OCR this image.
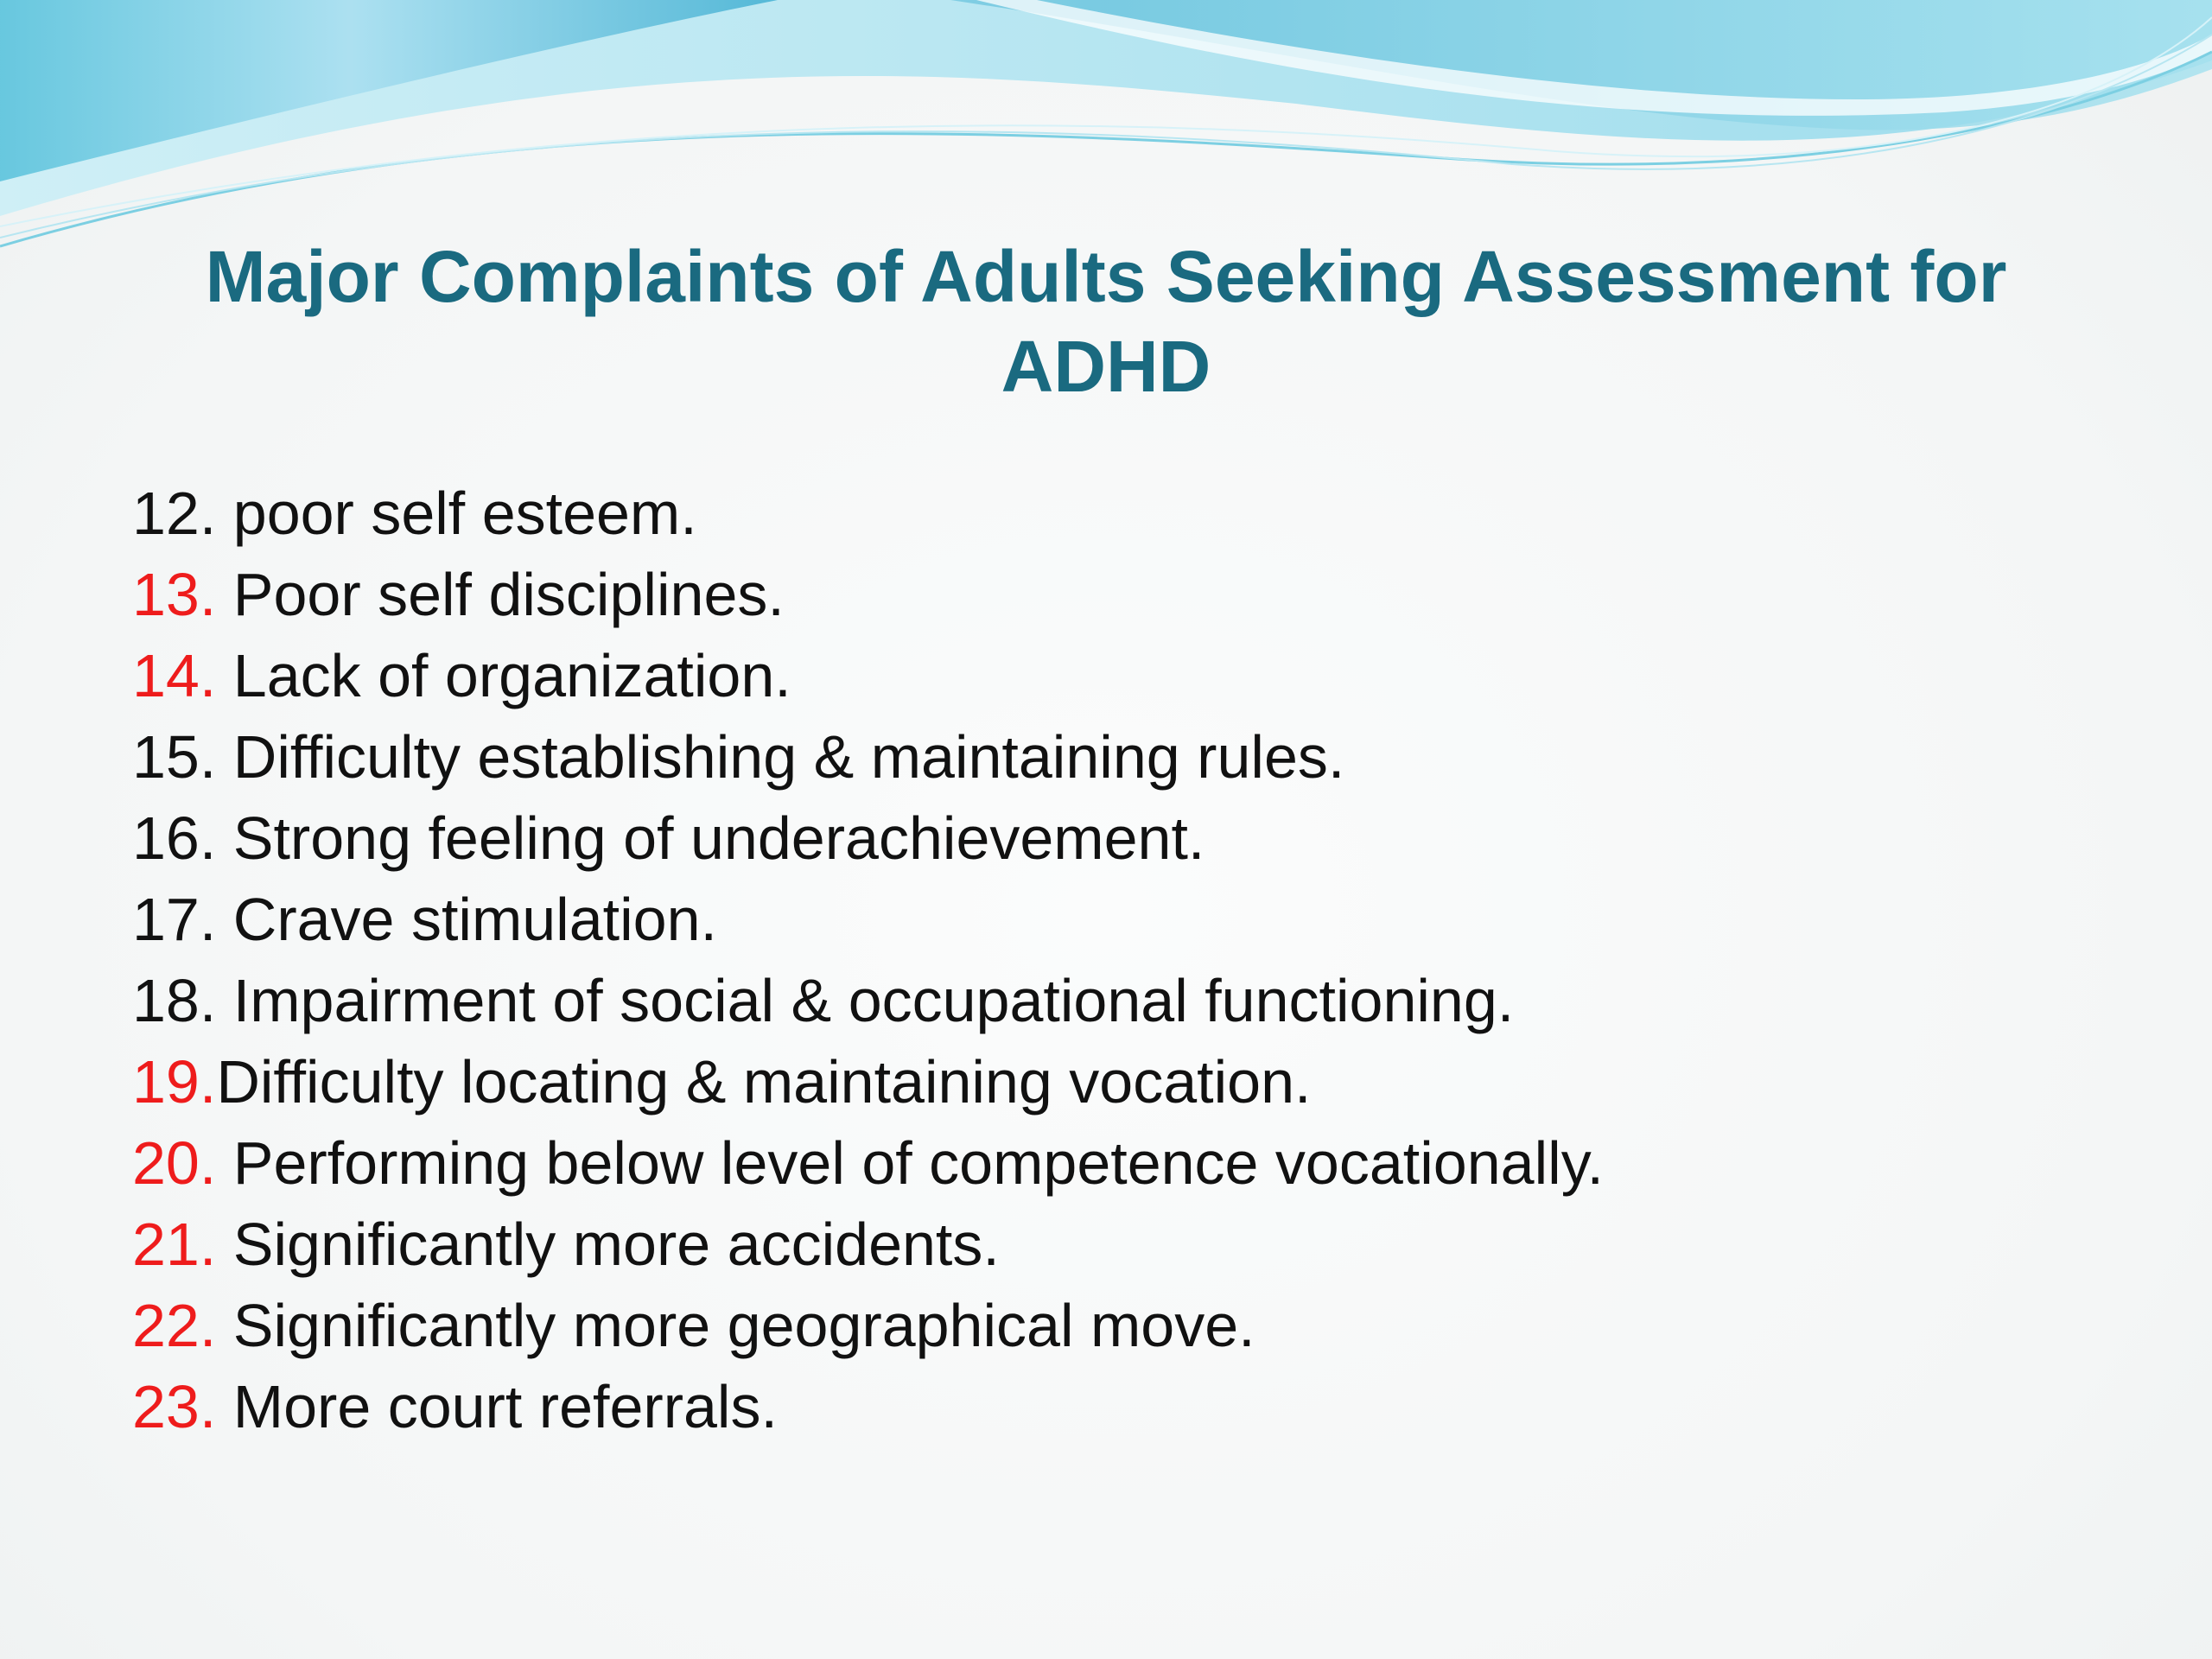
Major Complaints of Adults Seeking Assessment for ADHD
12. poor self esteem.
13. Poor self disciplines.
14. Lack of organization.
15. Difficulty establishing & maintaining rules.
16. Strong feeling of underachievement.
17. Crave stimulation.
18. Impairment of social & occupational functioning.
19.Difficulty locating & maintaining vocation.
20. Performing below level of competence vocationally.
21. Significantly more accidents.
22. Significantly more geographical move.
23. More court referrals.
